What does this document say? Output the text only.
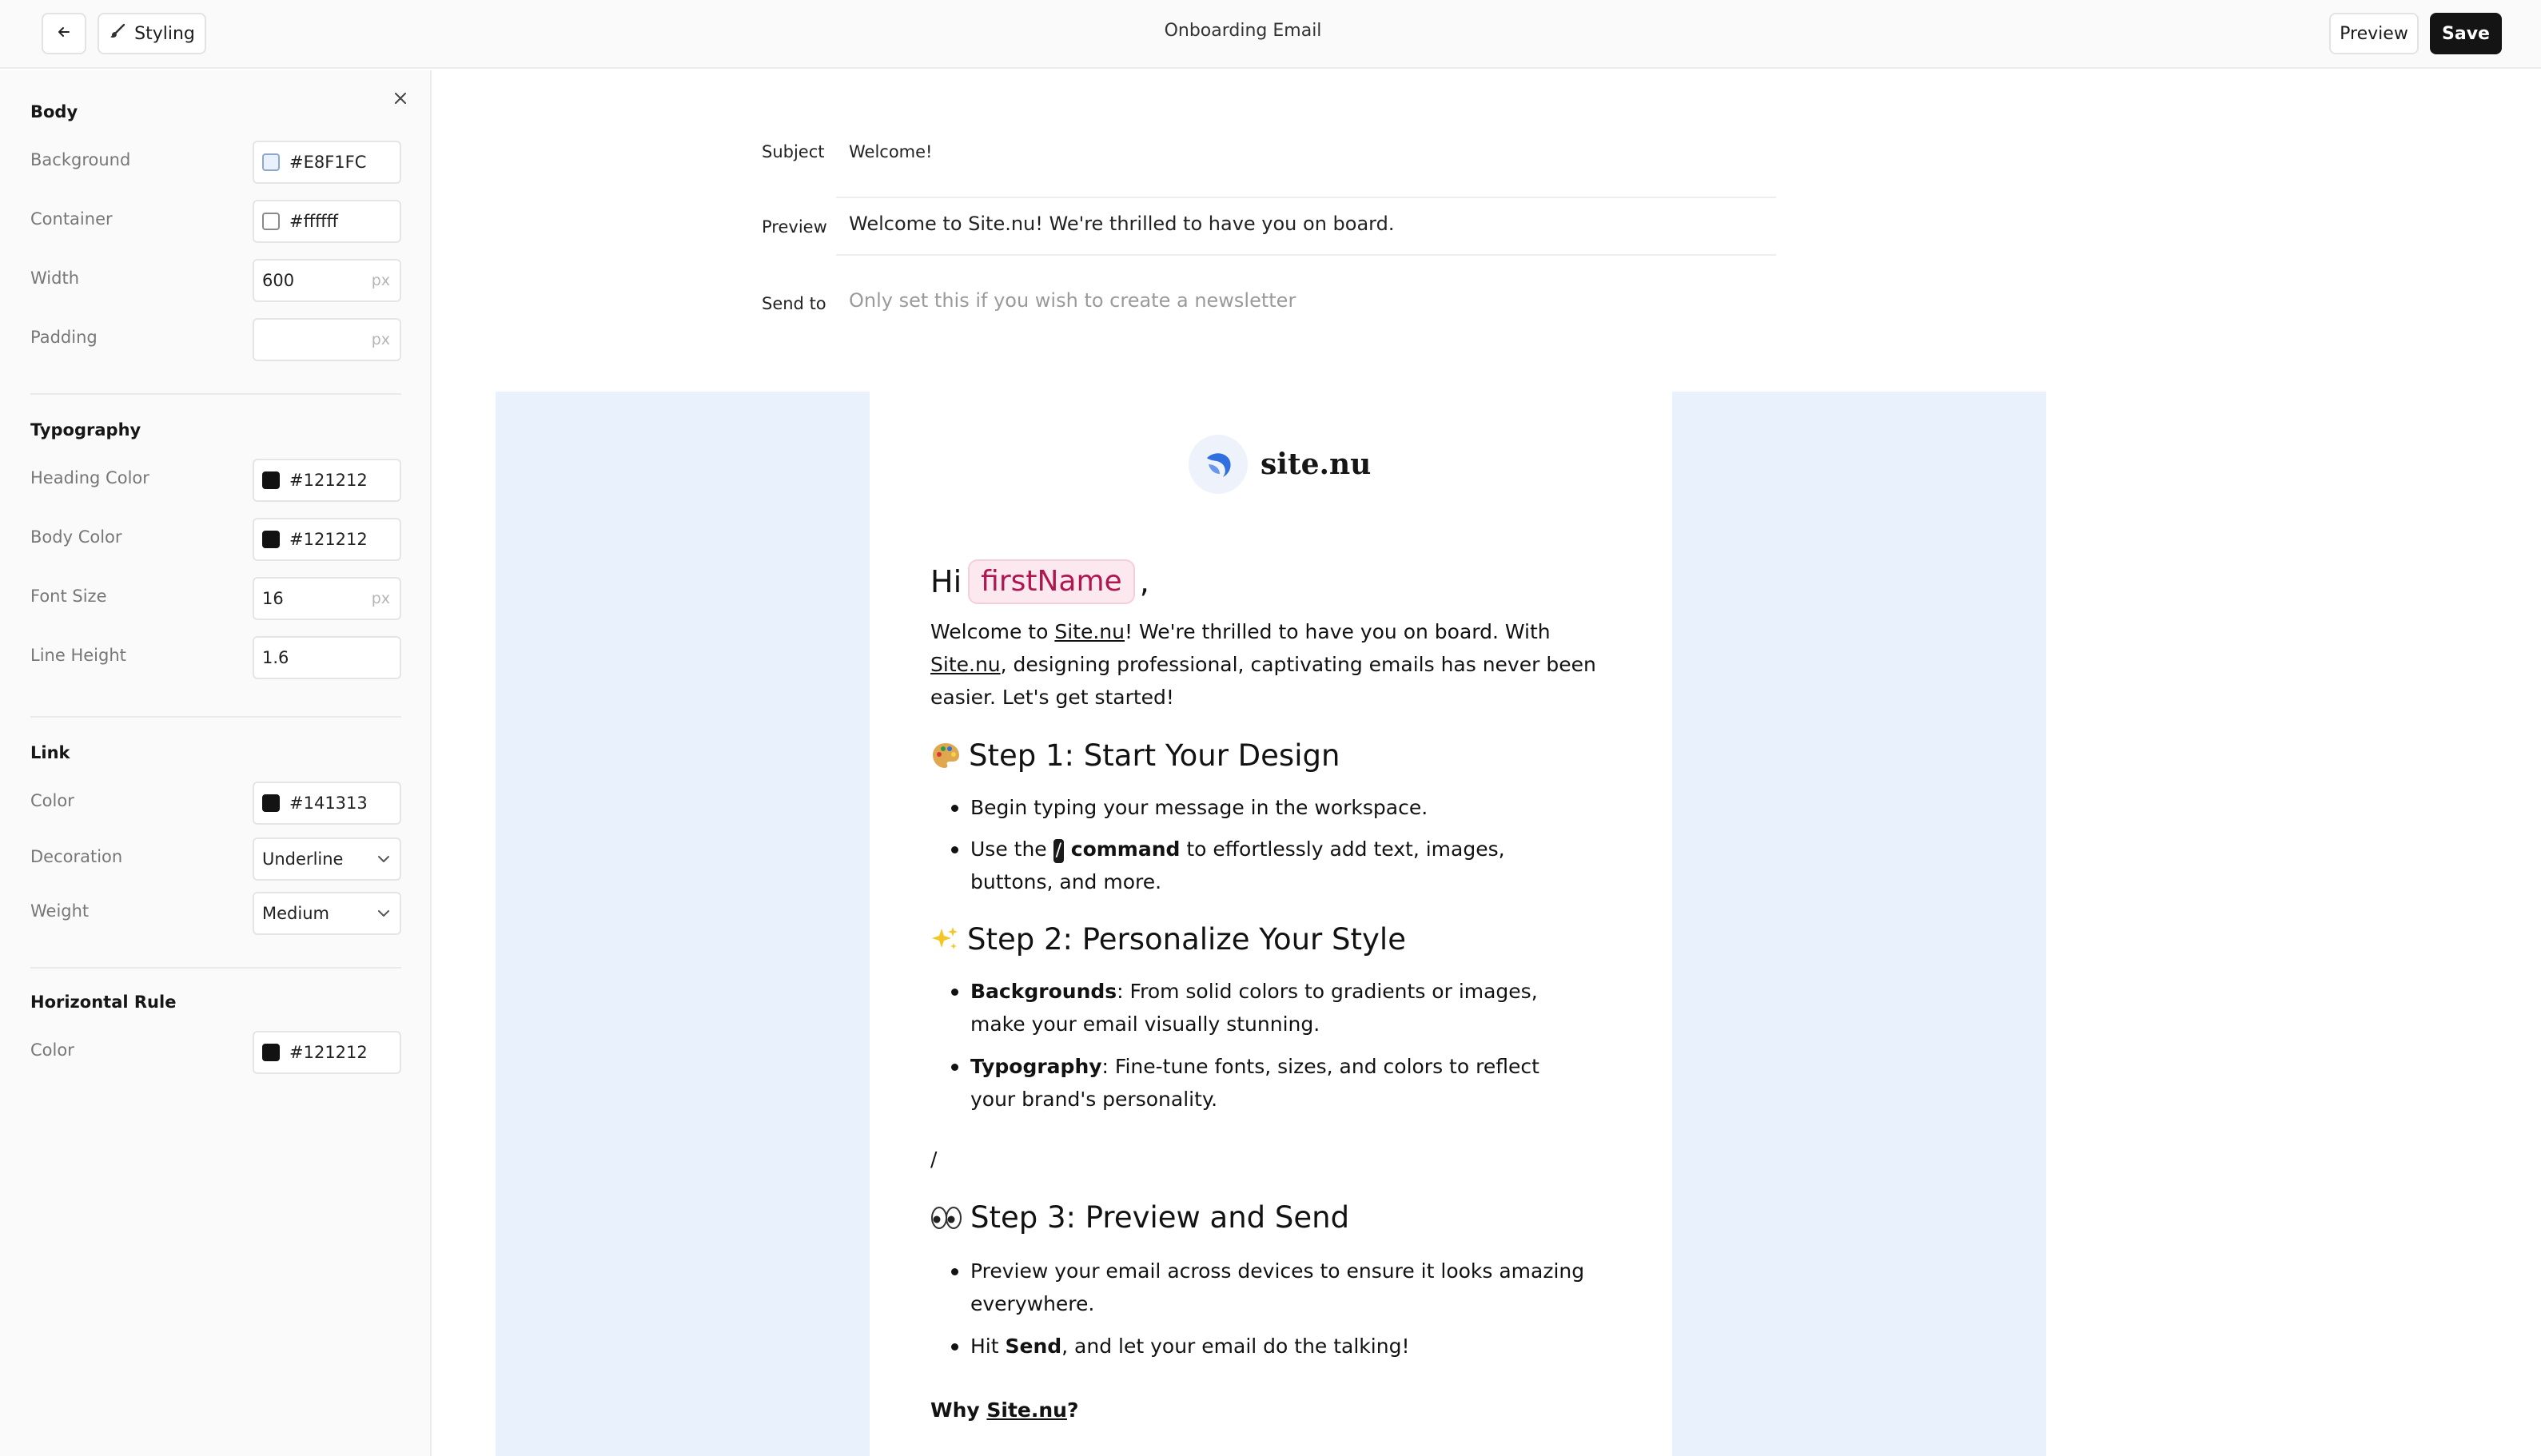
Styling	Onboarding Email	Preview	Save
Body
Background	#E8F1FC
Container	#ffffff
Width	600	px
Padding	px
Typography
Heading Color	#121212
Body Color	#121212
Font Size	16	px
Line Height	1.6
Link
Color	#141313
Decoration	Underline
Weight	Medium
Horizontal Rule
Color	#121212
Subject Welcome!
Preview Welcome to Site.nu! We're thrilled to have you on board.
Send to Only set this if you wish to create a newsletter
site.nu
Hi firstName ,
Welcome to Site.nu! We're thrilled to have you on board. With Site.nu, designing professional, captivating emails has never been easier. Let's get started!
Step 1: Start Your Design
Begin typing your message in the workspace.
Use the / command to effortlessly add text, images, buttons, and more.
Step 2: Personalize Your Style
Backgrounds: From solid colors to gradients or images, make your email visually stunning.
Typography: Fine-tune fonts, sizes, and colors to reflect your brand's personality.
/
Step 3: Preview and Send
Preview your email across devices to ensure it looks amazing everywhere.
Hit Send, and let your email do the talking!
Why Site.nu?
